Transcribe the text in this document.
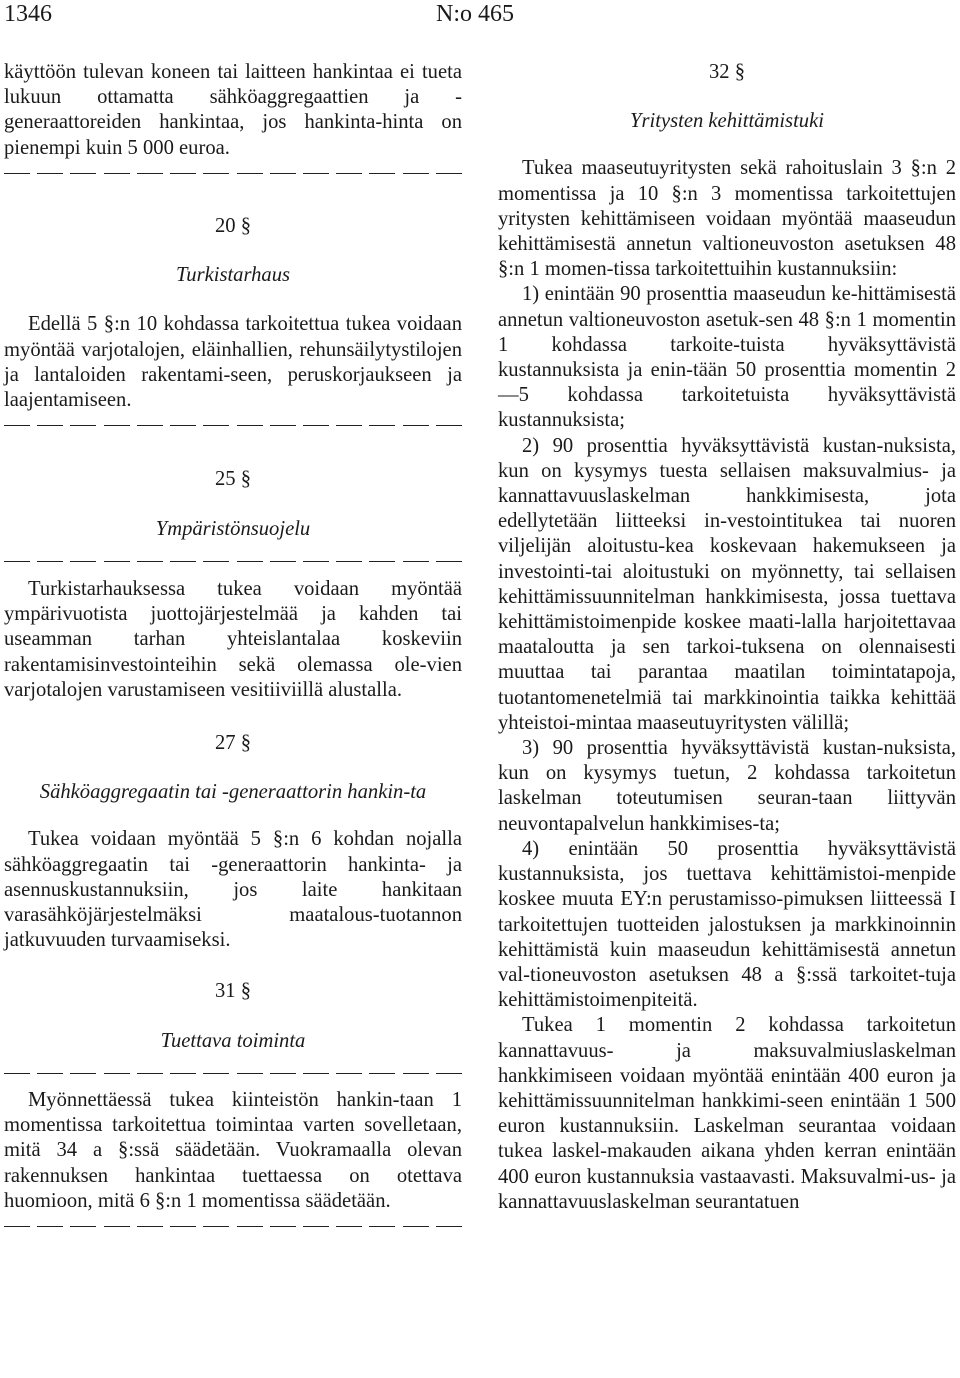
1346	N:o 465

käyttöön tulevan koneen tai laitteen hankintaa ei tueta lukuun ottamatta sähköaggregaattien ja -generaattoreiden hankintaa, jos hankinta-hinta on pienempi kuin 5 000 euroa.

20 §

Turkistarhaus

Edellä 5 §:n 10 kohdassa tarkoitettua tukea voidaan myöntää varjotalojen, eläinhallien, rehunsäilytystilojen ja lantaloiden rakentami-seen, peruskorjaukseen ja laajentamiseen.

25 §

Ympäristönsuojelu

Turkistarhauksessa tukea voidaan myöntää ympärivuotista juottojärjestelmää ja kahden tai useamman tarhan yhteislantalaa koskeviin rakentamisinvestointeihin sekä olemassa ole-vien varjotalojen varustamiseen vesitiiviillä alustalla.

27 §

Sähköaggregaatin tai -generaattorin hankin-ta

Tukea voidaan myöntää 5 §:n 6 kohdan nojalla sähköaggregaatin tai -generaattorin hankinta- ja asennuskustannuksiin, jos laite hankitaan varasähköjärjestelmäksi maatalous-tuotannon jatkuvuuden turvaamiseksi.

31 §

Tuettava toiminta

Myönnettäessä tukea kiinteistön hankin-taan 1 momentissa tarkoitettua toimintaa varten sovelletaan, mitä 34 a §:ssä säädetään. Vuokramaalla olevan rakennuksen hankintaa tuettaessa on otettava huomioon, mitä 6 §:n 1 momentissa säädetään.

32 §

Yritysten kehittämistuki

Tukea maaseutuyritysten sekä rahoituslain 3 §:n 2 momentissa ja 10 §:n 3 momentissa tarkoitettujen yritysten kehittämiseen voidaan myöntää maaseudun kehittämisestä annetun valtioneuvoston asetuksen 48 §:n 1 momen-tissa tarkoitettuihin kustannuksiin:

1) enintään 90 prosenttia maaseudun ke-hittämisestä annetun valtioneuvoston asetuk-sen 48 §:n 1 momentin 1 kohdassa tarkoite-tuista hyväksyttävistä kustannuksista ja enin-tään 50 prosenttia momentin 2—5 kohdassa tarkoitetuista hyväksyttävistä kustannuksista;

2) 90 prosenttia hyväksyttävistä kustan-nuksista, kun on kysymys tuesta sellaisen maksuvalmius- ja kannattavuuslaskelman hankkimisesta, jota edellytetään liitteeksi in-vestointitukea tai nuoren viljelijän aloitustu-kea koskevaan hakemukseen ja investointi-tai aloitustuki on myönnetty, tai sellaisen kehittämissuunnitelman hankkimisesta, jossa tuettava kehittämistoimenpide koskee maati-lalla harjoitettavaa maataloutta ja sen tarkoi-tuksena on olennaisesti muuttaa tai parantaa maatilan toimintatapoja, tuotantomenetelmiä tai markkinointia taikka kehittää yhteistoi-mintaa maaseutuyritysten välillä;

3) 90 prosenttia hyväksyttävistä kustan-nuksista, kun on kysymys tuetun, 2 kohdassa tarkoitetun laskelman toteutumisen seuran-taan liittyvän neuvontapalvelun hankkimises-ta;

4) enintään 50 prosenttia hyväksyttävistä kustannuksista, jos tuettava kehittämistoi-menpide koskee muuta EY:n perustamisso-pimuksen liitteessä I tarkoitettujen tuotteiden jalostuksen ja markkinoinnin kehittämistä kuin maaseudun kehittämisestä annetun val-tioneuvoston asetuksen 48 a §:ssä tarkoitet-tuja kehittämistoimenpiteitä.

Tukea 1 momentin 2 kohdassa tarkoitetun kannattavuus- ja maksuvalmiuslaskelman hankkimiseen voidaan myöntää enintään 400 euron ja kehittämissuunnitelman hankkimi-seen enintään 1 500 euron kustannuksiin. Laskelman seurantaa voidaan tukea laskel-makauden aikana yhden kerran enintään 400 euron kustannuksia vastaavasti. Maksuvalmi-us- ja kannattavuuslaskelman seurantatuen
